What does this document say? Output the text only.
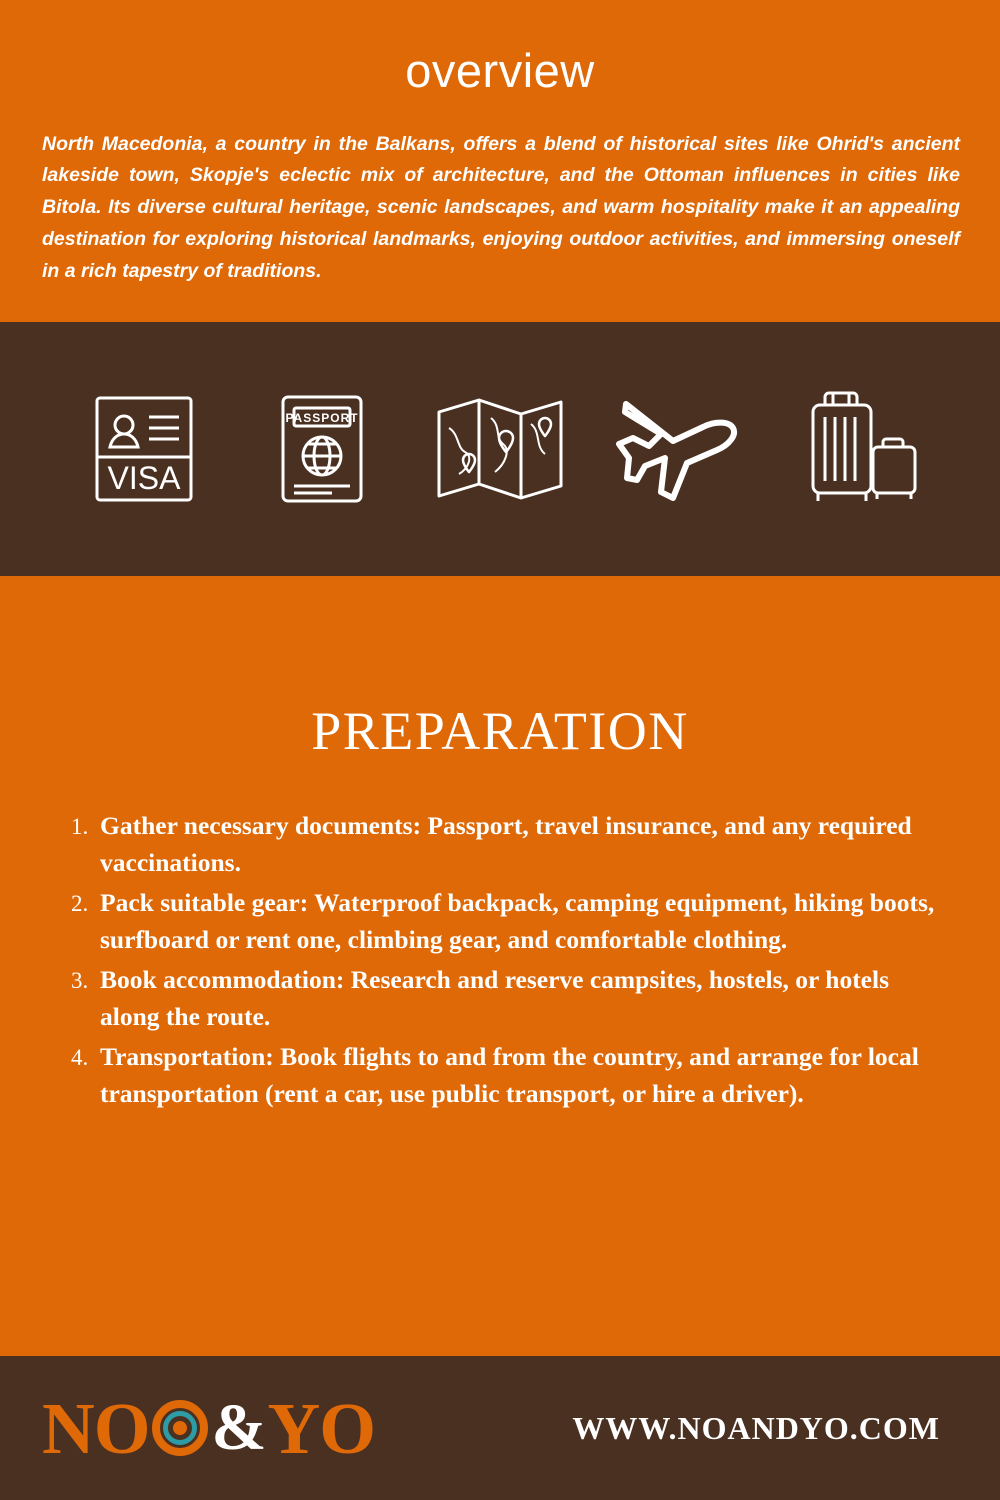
overview

North Macedonia, a country in the Balkans, offers a blend of historical sites like Ohrid's ancient lakeside town, Skopje's eclectic mix of architecture, and the Ottoman influences in cities like Bitola. Its diverse cultural heritage, scenic landscapes, and warm hospitality make it an appealing destination for exploring historical landmarks, enjoying outdoor activities, and immersing oneself in a rich tapestry of traditions.

VISA
PASSPORT
PREPARATION
1. Gather necessary documents: Passport, travel insurance, and any required vaccinations.
2. Pack suitable gear: Waterproof backpack, camping equipment, hiking boots, surfboard or rent one, climbing gear, and comfortable clothing.
3. Book accommodation: Research and reserve campsites, hostels, or hotels along the route.
4. Transportation: Book flights to and from the country, and arrange for local transportation (rent a car, use public transport, or hire a driver).
NO & YO	WWW.NOANDYO.COM
